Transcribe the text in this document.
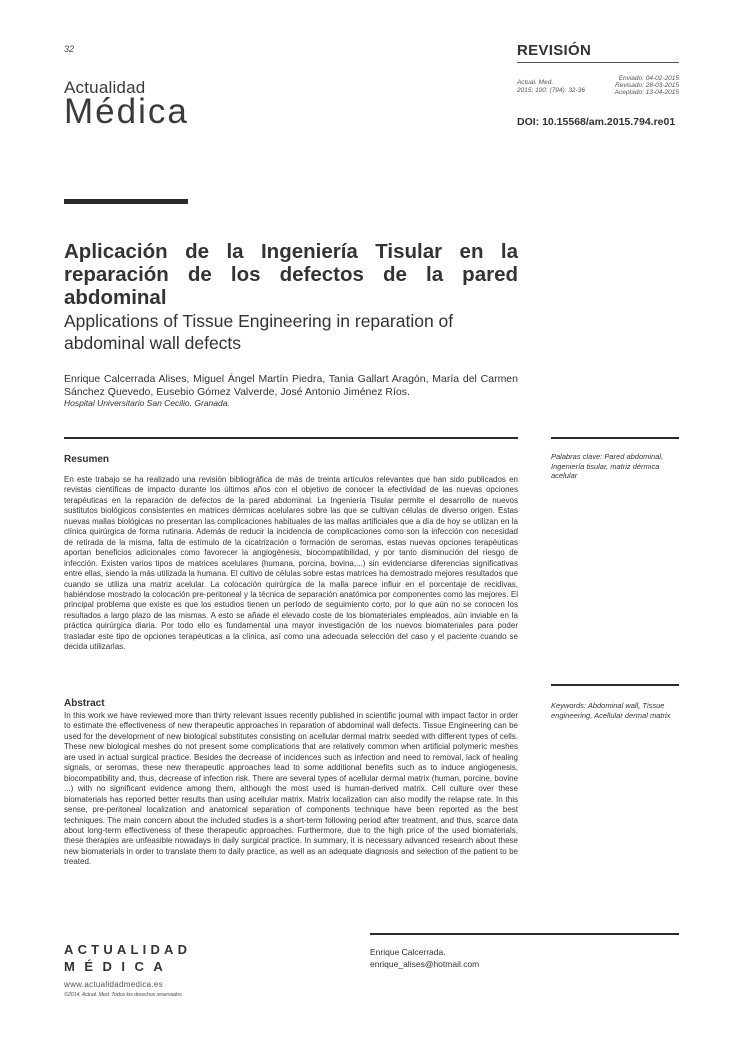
32
Actualidad
Médica
REVISIÓN
Actual. Med.
2015; 100: (794): 32-36
Enviado: 04-02-2015
Revisado: 28-03-2015
Aceptado: 13-04-2015
DOI: 10.15568/am.2015.794.re01
Aplicación de la Ingeniería Tisular en la reparación de los defectos de la pared abdominal
Applications of Tissue Engineering in reparation of abdominal wall defects
Enrique Calcerrada Alises, Miguel Ángel Martín Piedra, Tania Gallart Aragón, María del Carmen Sánchez Quevedo, Eusebio Gómez Valverde, José Antonio Jiménez Ríos.
Hospital Universitario San Cecilio. Granada.
Palabras clave: Pared abdominal, Ingeniería tisular, matriz dérmica acelular
Resumen

En este trabajo se ha realizado una revisión bibliográfica de más de treinta artículos relevantes que han sido publicados en revistas científicas de impacto durante los últimos años con el objetivo de conocer la efectividad de las nuevas opciones terapéuticas en la reparación de defectos de la pared abdominal. La Ingeniería Tisular permite el desarrollo de nuevos sustitutos biológicos consistentes en matrices dérmicas acelulares sobre las que se cultivan células de diverso origen. Estas nuevas mallas biológicas no presentan las complicaciones habituales de las mallas artificiales que a día de hoy se utilizan en la clínica quirúrgica de forma rutinaria. Además de reducir la incidencia de complicaciones como son la infección con necesidad de retirada de la misma, falta de estímulo de la cicatrización o formación de seromas, estas nuevas opciones terapéuticas aportan beneficios adicionales como favorecer la angiogénesis, biocompatibilidad, y por tanto disminución del riesgo de infección. Existen varios tipos de matrices acelulares (humana, porcina, bovina,...) sin evidenciarse diferencias significativas entre ellas, siendo la más utilizada la humana. El cultivo de células sobre estas matrices ha demostrado mejores resultados que cuando se utiliza una matriz acelular. La colocación quirúrgica de la malla parece influir en el porcentaje de recidivas, habiéndose mostrado la colocación pre-peritoneal y la técnica de separación anatómica por componentes como las mejores. El principal problema que existe es que los estudios tienen un período de seguimiento corto, por lo que aún no se conocen los resultados a largo plazo de las mismas. A esto se añade el elevado coste de los biomateriales empleados, aún inviable en la práctica quirúrgica diaria. Por todo ello es fundamental una mayor investigación de los nuevos biomateriales para poder trasladar este tipo de opciones terapéuticas a la clínica, así como una adecuada selección del caso y el paciente cuando se decida utilizarlas.

Keywords: Abdominal wall, Tissue engineering, Acellular dermal matrix
Abstract

In this work we have reviewed more than thirty relevant issues recently published in scientific journal with impact factor in order to estimate the effectiveness of new therapeutic approaches in reparation of abdominal wall defects. Tissue Engineering can be used for the development of new biological substitutes consisting on acellular dermal matrix seeded with different types of cells. These new biological meshes do not present some complications that are relatively common when artificial polymeric meshes are used in actual surgical practice. Besides the decrease of incidences such as infection and need to removal, lack of healing signals, or seromas, these new therapeutic approaches lead to some additional benefits such as to induce angiogenesis, biocompatibility and, thus, decrease of infection risk. There are several types of acellular dermal matrix (human, porcine, bovine ...) with no significant evidence among them, although the most used is human-derived matrix. Cell culture over these biomaterials has reported better results than using acellular matrix. Matrix localization can also modify the relapse rate. In this sense, pre-peritoneal localization and anatomical separation of components technique have been reported as the best techniques. The main concern about the included studies is a short-term following period after treatment, and thus, scarce data about long-term effectiveness of these therapeutic approaches. Furthermore, due to the high price of the used biomaterials, these therapies are unfeasible nowadays in daily surgical practice. In summary, it is necessary advanced research about these new biomaterials in order to translate them to daily practice, as well as an adequate diagnosis and selection of the patient to be treated.

ACTUALIDAD
MÉDICA
www.actualidadmedica.es
©2014. Actual. Med. Todos los derechos reservados
Enrique Calcerrada.
enrique_alises@hotmail.com
